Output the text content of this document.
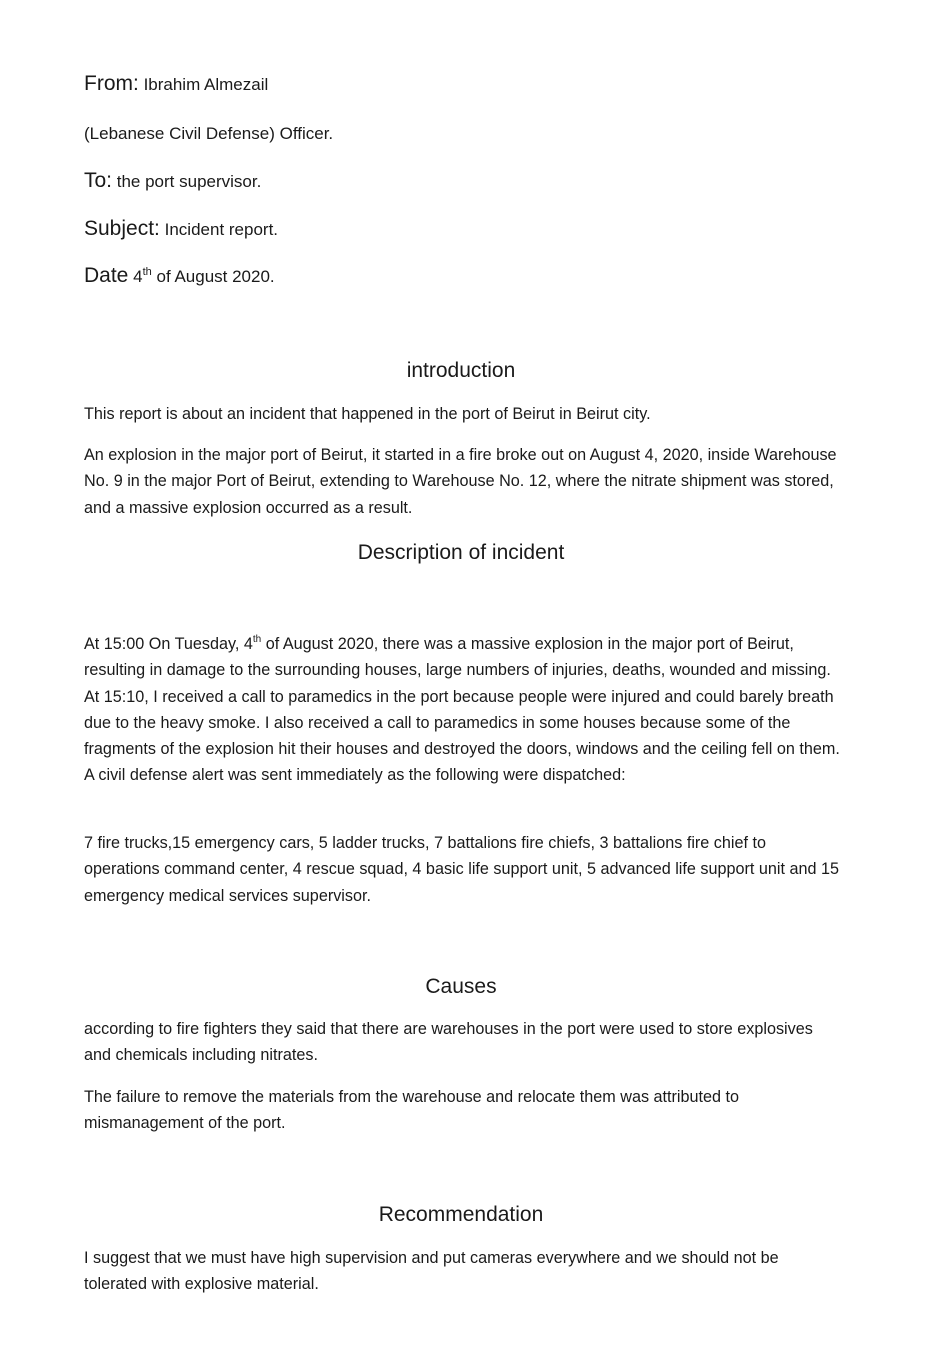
From: Ibrahim Almezail

(Lebanese Civil Defense) Officer.

To: the port supervisor.

Subject: Incident report.

Date 4th of August 2020.

introduction

This report is about an incident that happened in the port of Beirut in Beirut city.

An explosion in the major port of Beirut, it started in a fire broke out on August 4, 2020, inside Warehouse No. 9 in the major Port of Beirut, extending to Warehouse No. 12, where the nitrate shipment was stored, and a massive explosion occurred as a result.

Description of incident

At 15:00 On Tuesday, 4th of August 2020, there was a massive explosion in the major port of Beirut, resulting in damage to the surrounding houses, large numbers of injuries, deaths, wounded and missing. At 15:10, I received a call to paramedics in the port because people were injured and could barely breath due to the heavy smoke. I also received a call to paramedics in some houses because some of the fragments of the explosion hit their houses and destroyed the doors, windows and the ceiling fell on them. A civil defense alert was sent immediately as the following were dispatched:

7 fire trucks,15 emergency cars, 5 ladder trucks, 7 battalions fire chiefs, 3 battalions fire chief to operations command center, 4 rescue squad, 4 basic life support unit, 5 advanced life support unit and 15 emergency medical services supervisor.

Causes

according to fire fighters they said that there are warehouses in the port were used to store explosives and chemicals including nitrates.

The failure to remove the materials from the warehouse and relocate them was attributed to mismanagement of the port.

Recommendation

I suggest that we must have high supervision and put cameras everywhere and we should not be tolerated with explosive material.
